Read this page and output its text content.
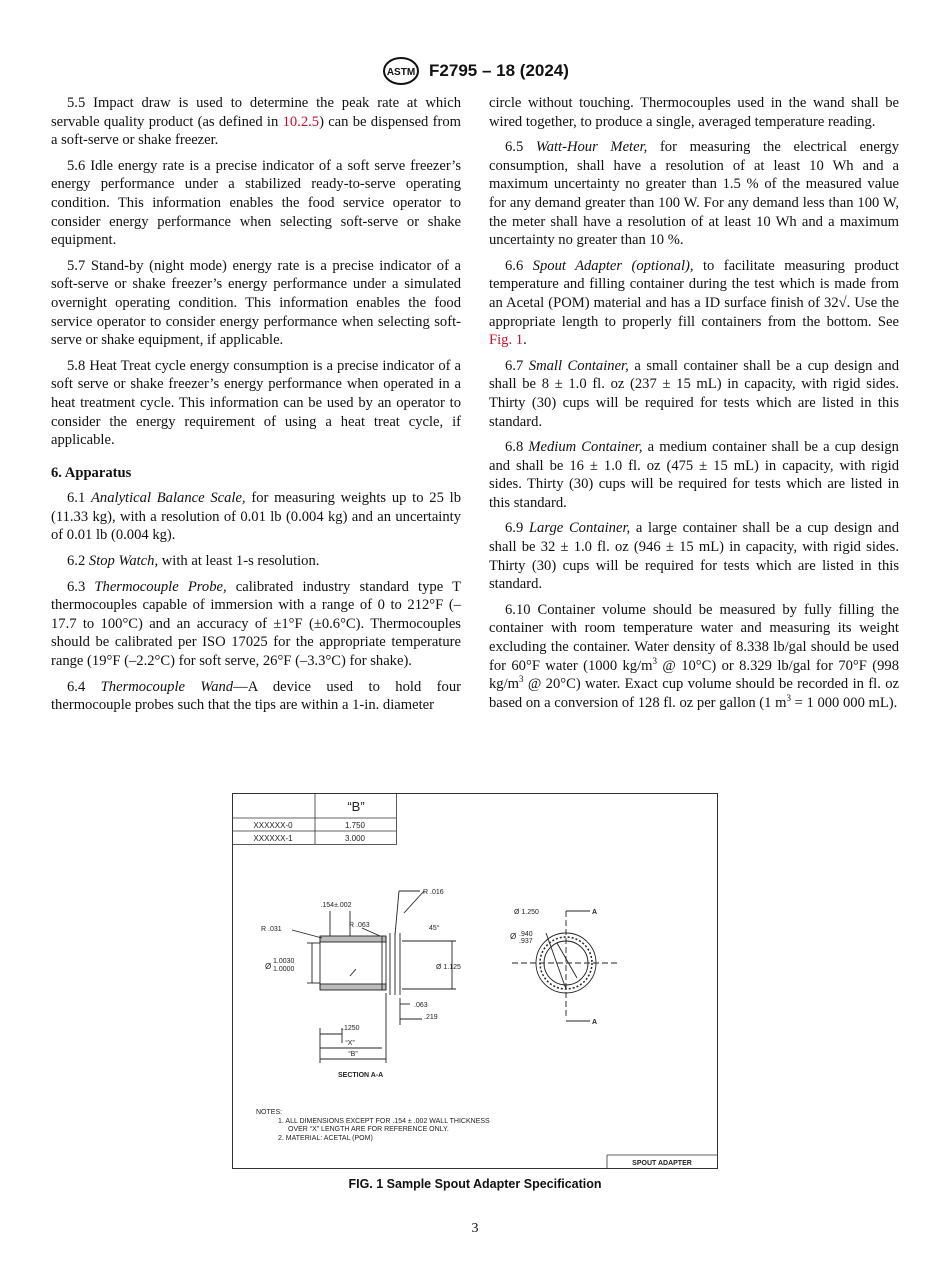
ASTM F2795 – 18 (2024)

5.5 Impact draw is used to determine the peak rate at which servable quality product (as defined in 10.2.5) can be dispensed from a soft-serve or shake freezer.

5.6 Idle energy rate is a precise indicator of a soft serve freezer’s energy performance under a stabilized ready-to-serve operating condition. This information enables the food service operator to consider energy performance when selecting soft-serve or shake equipment.

5.7 Stand-by (night mode) energy rate is a precise indicator of a soft-serve or shake freezer’s energy performance under a simulated overnight operating condition. This information enables the food service operator to consider energy performance when selecting soft-serve or shake equipment, if applicable.

5.8 Heat Treat cycle energy consumption is a precise indicator of a soft serve or shake freezer’s energy performance when operated in a heat treatment cycle. This information can be used by an operator to consider the energy requirement of using a heat treat cycle, if applicable.

6. Apparatus

6.1 Analytical Balance Scale, for measuring weights up to 25 lb (11.33 kg), with a resolution of 0.01 lb (0.004 kg) and an uncertainty of 0.01 lb (0.004 kg).

6.2 Stop Watch, with at least 1-s resolution.

6.3 Thermocouple Probe, calibrated industry standard type T thermocouples capable of immersion with a range of 0 to 212°F (–17.7 to 100°C) and an accuracy of ±1°F (±0.6°C). Thermocouples should be calibrated per ISO 17025 for the appropriate temperature range (19°F (–2.2°C) for soft serve, 26°F (–3.3°C) for shake).

6.4 Thermocouple Wand—A device used to hold four thermocouple probes such that the tips are within a 1-in. diameter

circle without touching. Thermocouples used in the wand shall be wired together, to produce a single, averaged temperature reading.

6.5 Watt-Hour Meter, for measuring the electrical energy consumption, shall have a resolution of at least 10 Wh and a maximum uncertainty no greater than 1.5 % of the measured value for any demand greater than 100 W. For any demand less than 100 W, the meter shall have a resolution of at least 10 Wh and a maximum uncertainty no greater than 10 %.

6.6 Spout Adapter (optional), to facilitate measuring product temperature and filling container during the test which is made from an Acetal (POM) material and has a ID surface finish of 32√. Use the appropriate length to properly fill containers from the bottom. See Fig. 1.

6.7 Small Container, a small container shall be a cup design and shall be 8 ± 1.0 fl. oz (237 ± 15 mL) in capacity, with rigid sides. Thirty (30) cups will be required for tests which are listed in this standard.

6.8 Medium Container, a medium container shall be a cup design and shall be 16 ± 1.0 fl. oz (475 ± 15 mL) in capacity, with rigid sides. Thirty (30) cups will be required for tests which are listed in this standard.

6.9 Large Container, a large container shall be a cup design and shall be 32 ± 1.0 fl. oz (946 ± 15 mL) in capacity, with rigid sides. Thirty (30) cups will be required for tests which are listed in this standard.

6.10 Container volume should be measured by fully filling the container with room temperature water and measuring its weight excluding the container. Water density of 8.338 lb/gal should be used for 60°F water (1000 $kg/m^3$ @ 10°C) or 8.329 lb/gal for 70°F (998 $kg/m^3$ @ 20°C) water. Exact cup volume should be recorded in fl. oz based on a conversion of 128 fl. oz per gallon (1 $m^3 = 1$ 000 000 mL).

“B”
XXXXXX-0	1.750
XXXXXX-1	3.000
.154±.002
R .016
R .063
R .031	45°
Ø
1.0030
1.0000	Ø 1.125
.063
.219
.1250
“X”
“B”
SECTION A-A
Ø 1.250
Ø .940
.937
A
A
NOTES:
1. ALL DIMENSIONS EXCEPT FOR .154 ± .002 WALL THICKNESS
OVER “X” LENGTH ARE FOR REFERENCE ONLY.
2. MATERIAL: ACETAL (POM)
SPOUT ADAPTER
FIG. 1 Sample Spout Adapter Specification
3
